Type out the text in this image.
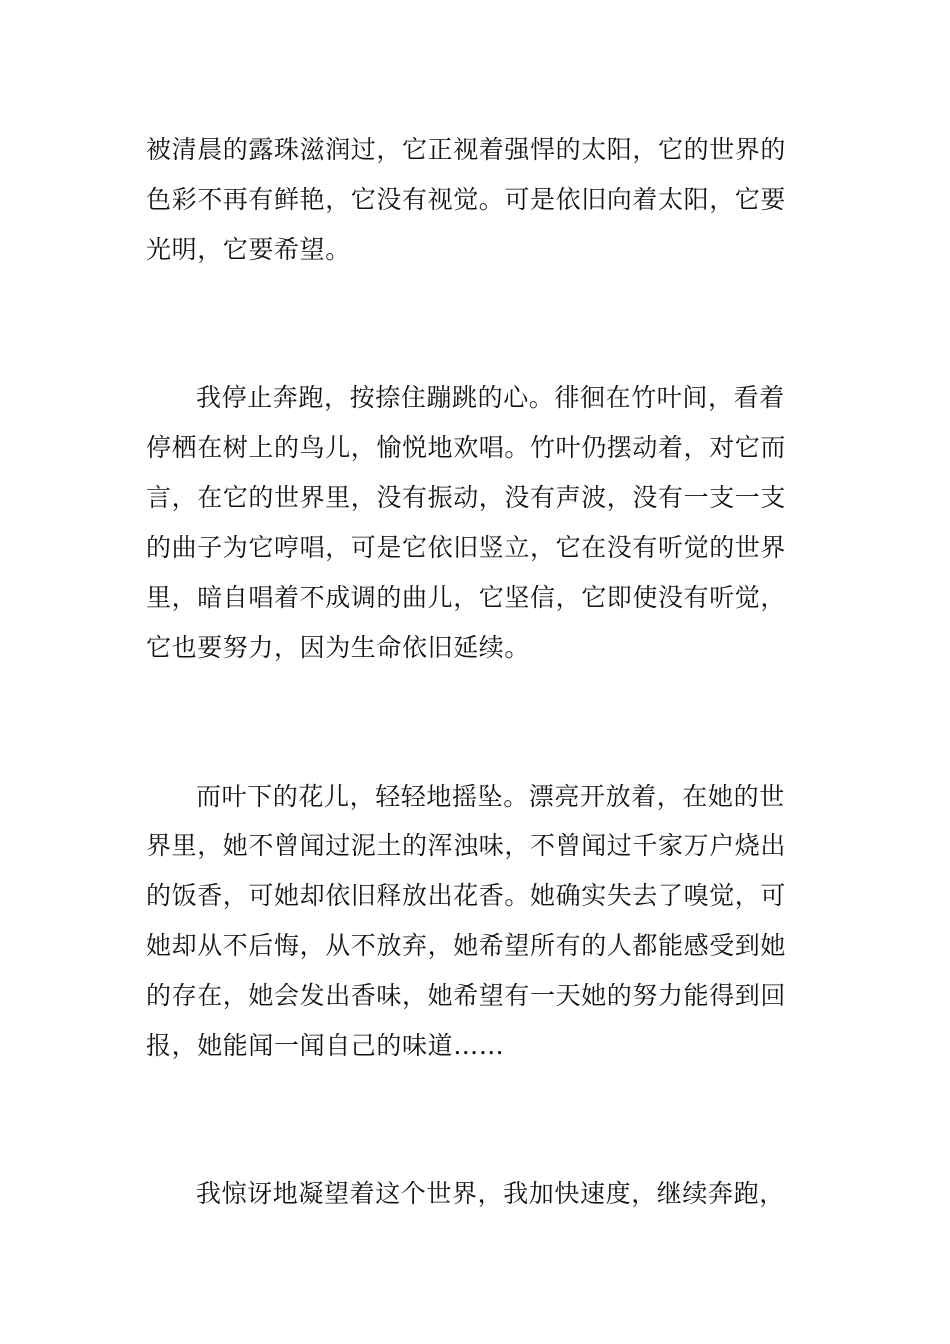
被清晨的露珠滋润过，它正视着强悍的太阳，它的世界的
色彩不再有鲜艳，它没有视觉。可是依旧向着太阳，它要
光明，它要希望。
我停止奔跑，按捺住蹦跳的心。徘徊在竹叶间，看着
停栖在树上的鸟儿，愉悦地欢唱。竹叶仍摆动着，对它而
言，在它的世界里，没有振动，没有声波，没有一支一支
的曲子为它哼唱，可是它依旧竖立，它在没有听觉的世界
里，暗自唱着不成调的曲儿，它坚信，它即使没有听觉，
它也要努力，因为生命依旧延续。
而叶下的花儿，轻轻地摇坠。漂亮开放着，在她的世
界里，她不曾闻过泥土的浑浊味，不曾闻过千家万户烧出
的饭香，可她却依旧释放出花香。她确实失去了嗅觉，可
她却从不后悔，从不放弃，她希望所有的人都能感受到她
的存在，她会发出香味，她希望有一天她的努力能得到回
报，她能闻一闻自己的味道……
我惊讶地凝望着这个世界，我加快速度，继续奔跑，
